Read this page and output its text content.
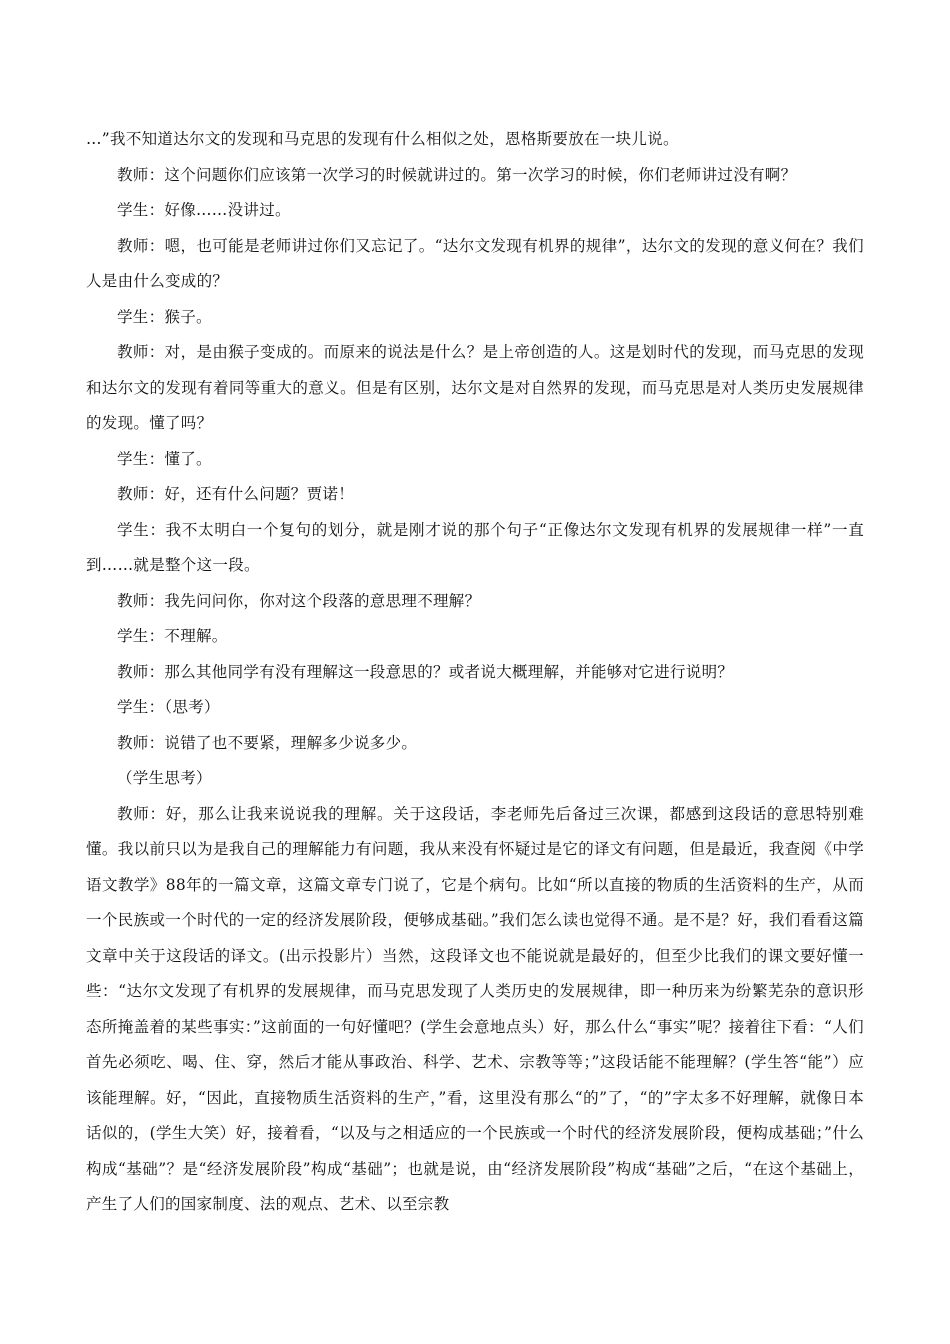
…”我不知道达尔文的发现和马克思的发现有什么相似之处，恩格斯要放在一块儿说。

教师：这个问题你们应该第一次学习的时候就讲过的。第一次学习的时候，你们老师讲过没有啊？

学生：好像……没讲过。

教师：嗯，也可能是老师讲过你们又忘记了。“达尔文发现有机界的规律”，达尔文的发现的意义何在？我们人是由什么变成的？

学生：猴子。

教师：对，是由猴子变成的。而原来的说法是什么？是上帝创造的人。这是划时代的发现，而马克思的发现和达尔文的发现有着同等重大的意义。但是有区别，达尔文是对自然界的发现，而马克思是对人类历史发展规律的发现。懂了吗？

学生：懂了。

教师：好，还有什么问题？贾诺！

学生：我不太明白一个复句的划分，就是刚才说的那个句子“正像达尔文发现有机界的发展规律一样”一直到……就是整个这一段。

教师：我先问问你，你对这个段落的意思理不理解？

学生：不理解。

教师：那么其他同学有没有理解这一段意思的？或者说大概理解，并能够对它进行说明？

学生：（思考）

教师：说错了也不要紧，理解多少说多少。

（学生思考）

教师：好，那么让我来说说我的理解。关于这段话，李老师先后备过三次课，都感到这段话的意思特别难懂。我以前只以为是我自己的理解能力有问题，我从来没有怀疑过是它的译文有问题，但是最近，我查阅《中学语文教学》88年的一篇文章，这篇文章专门说了，它是个病句。比如“所以直接的物质的生活资料的生产，从而一个民族或一个时代的一定的经济发展阶段，便够成基础。”我们怎么读也觉得不通。是不是？好，我们看看这篇文章中关于这段话的译文。(出示投影片）当然，这段译文也不能说就是最好的，但至少比我们的课文要好懂一些：“达尔文发现了有机界的发展规律，而马克思发现了人类历史的发展规律，即一种历来为纷繁芜杂的意识形态所掩盖着的某些事实：”这前面的一句好懂吧？(学生会意地点头）好，那么什么“事实”呢？接着往下看：“人们首先必须吃、喝、住、穿，然后才能从事政治、科学、艺术、宗教等等；”这段话能不能理解？(学生答“能”）应该能理解。好，“因此，直接物质生活资料的生产，”看，这里没有那么“的”了，“的”字太多不好理解，就像日本话似的，(学生大笑）好，接着看，“以及与之相适应的一个民族或一个时代的经济发展阶段，便构成基础；”什么构成“基础”？是“经济发展阶段”构成“基础”；也就是说，由“经济发展阶段”构成“基础”之后，“在这个基础上，产生了人们的国家制度、法的观点、艺术、以至宗教
